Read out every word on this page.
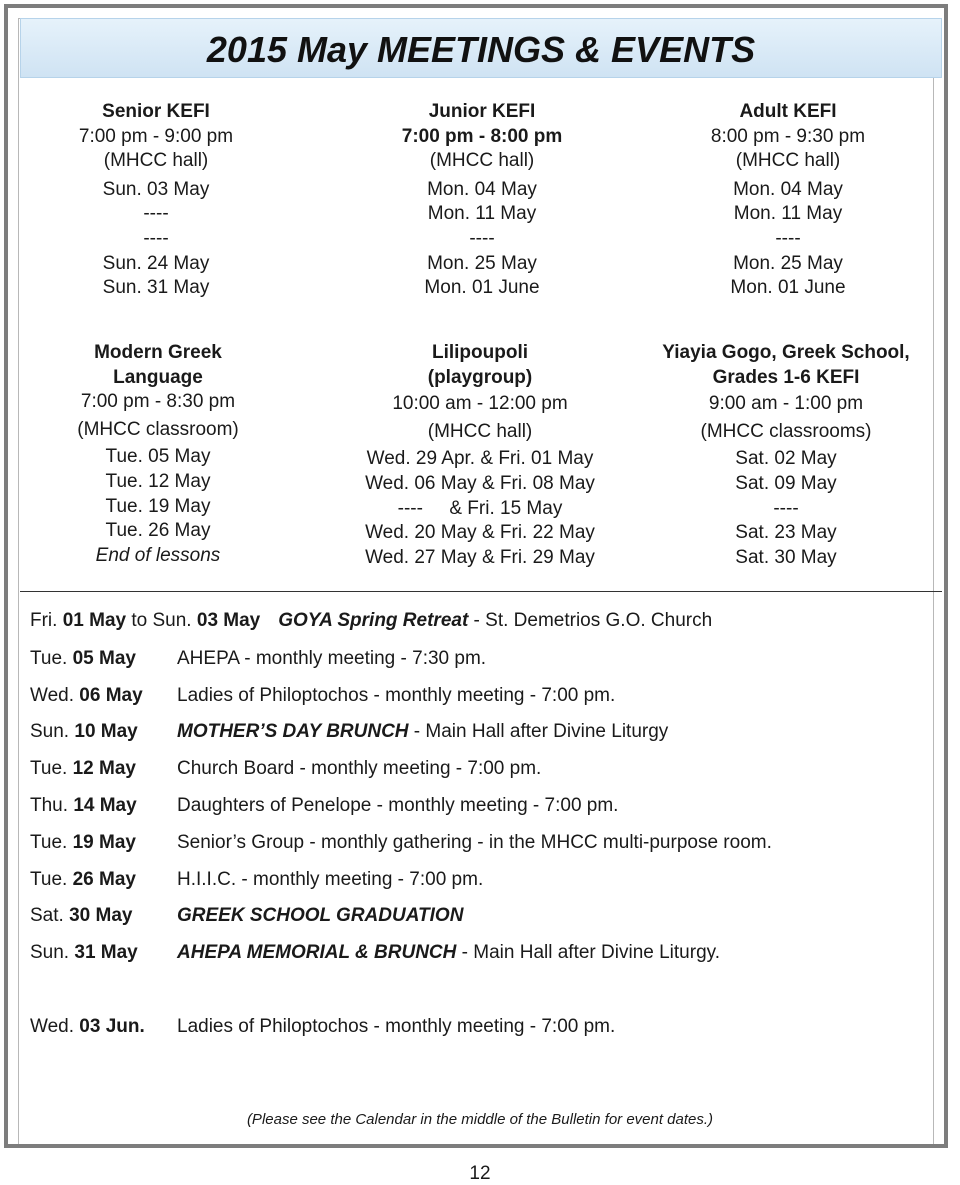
2015 May MEETINGS & EVENTS
Senior KEFI
7:00 pm - 9:00 pm
(MHCC hall)
Sun. 03 May
----
----
Sun. 24 May
Sun. 31 May
Junior KEFI
7:00 pm - 8:00 pm
(MHCC hall)
Mon. 04 May
Mon. 11 May
----
Mon. 25 May
Mon. 01 June
Adult KEFI
8:00 pm - 9:30 pm
(MHCC hall)
Mon. 04 May
Mon. 11 May
----
Mon. 25 May
Mon. 01 June
Modern Greek
Language
7:00 pm - 8:30 pm
(MHCC classroom)
Tue. 05 May
Tue. 12 May
Tue. 19 May
Tue. 26 May
End of lessons
Lilipoupoli
(playgroup)
10:00 am - 12:00 pm
(MHCC hall)
Wed. 29 Apr. & Fri. 01 May
Wed. 06 May & Fri. 08 May
----     & Fri. 15 May
Wed. 20 May & Fri. 22 May
Wed. 27 May & Fri. 29 May
Yiayia Gogo, Greek School,
Grades 1-6 KEFI
9:00 am - 1:00 pm
(MHCC classrooms)
Sat. 02 May
Sat. 09 May
----
Sat. 23 May
Sat. 30 May
Fri. 01 May to Sun. 03 May GOYA Spring Retreat - St. Demetrios G.O. Church
Tue. 05 May AHEPA - monthly meeting - 7:30 pm.
Wed. 06 May Ladies of Philoptochos - monthly meeting - 7:00 pm.
Sun. 10 May MOTHER’S DAY BRUNCH - Main Hall after Divine Liturgy
Tue. 12 May Church Board - monthly meeting - 7:00 pm.
Thu. 14 May Daughters of Penelope - monthly meeting - 7:00 pm.
Tue. 19 May Senior’s Group - monthly gathering - in the MHCC multi-purpose room.
Tue. 26 May H.I.I.C. - monthly meeting - 7:00 pm.
Sat. 30 May GREEK SCHOOL GRADUATION
Sun. 31 May AHEPA MEMORIAL & BRUNCH - Main Hall after Divine Liturgy.
Wed. 03 Jun. Ladies of Philoptochos - monthly meeting - 7:00 pm.
(Please see the Calendar in the middle of the Bulletin for event dates.)
12
